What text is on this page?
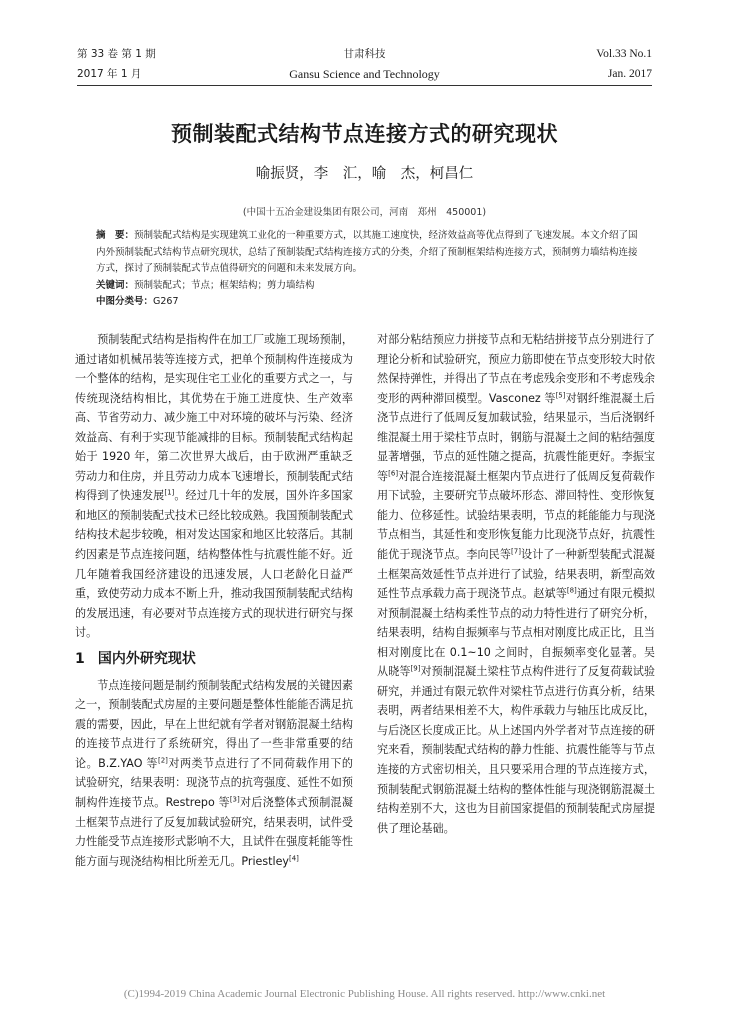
第 33 卷 第 1 期
2017 年 1 月
甘肃科技
Gansu Science and Technology
Vol.33 No.1
Jan. 2017
预制装配式结构节点连接方式的研究现状
喻振贤，李　汇，喻　杰，柯昌仁
(中国十五冶金建设集团有限公司，河南　郑州　450001)

摘　要：预制装配式结构是实现建筑工业化的一种重要方式，以其施工速度快，经济效益高等优点得到了飞速发展。本文介绍了国内外预制装配式结构节点研究现状，总结了预制装配式结构连接方式的分类，介绍了预制框架结构连接方式，预制剪力墙结构连接方式，探讨了预制装配式节点值得研究的问题和未来发展方向。

关键词：预制装配式；节点；框架结构；剪力墙结构

中图分类号：G267

预制装配式结构是指构件在加工厂或施工现场预制，通过诸如机械吊装等连接方式，把单个预制构件连接成为一个整体的结构，是实现住宅工业化的重要方式之一，与传统现浇结构相比，其优势在于施工进度快、生产效率高、节省劳动力、减少施工中对环境的破坏与污染、经济效益高、有利于实现节能减排的目标。预制装配式结构起始于 1920 年，第二次世界大战后，由于欧洲严重缺乏劳动力和住房，并且劳动力成本飞速增长，预制装配式结构得到了快速发展[1]。经过几十年的发展，国外许多国家和地区的预制装配式技术已经比较成熟。我国预制装配式结构技术起步较晚，相对发达国家和地区比较落后。其制约因素是节点连接问题，结构整体性与抗震性能不好。近几年随着我国经济建设的迅速发展，人口老龄化日益严重，致使劳动力成本不断上升，推动我国预制装配式结构的发展迅速，有必要对节点连接方式的现状进行研究与探讨。

1 国内外研究现状

节点连接问题是制约预制装配式结构发展的关键因素之一，预制装配式房屋的主要问题是整体性能能否满足抗震的需要，因此，早在上世纪就有学者对钢筋混凝土结构的连接节点进行了系统研究，得出了一些非常重要的结论。B.Z.YAO 等[2]对两类节点进行了不同荷载作用下的试验研究，结果表明：现浇节点的抗弯强度、延性不如预制构件连接节点。Restrepo 等[3]对后浇整体式预制混凝土框架节点进行了反复加载试验研究，结果表明，试件受力性能受节点连接形式影响不大，且试件在强度耗能等性能方面与现浇结构相比所差无几。Priestley[4]

对部分粘结预应力拼接节点和无粘结拼接节点分别进行了理论分析和试验研究，预应力筋即使在节点变形较大时依然保持弹性，并得出了节点在考虑残余变形和不考虑残余变形的两种滞回模型。Vasconez 等[5]对钢纤维混凝土后浇节点进行了低周反复加载试验，结果显示，当后浇钢纤维混凝土用于梁柱节点时，钢筋与混凝土之间的粘结强度显著增强，节点的延性随之提高，抗震性能更好。李振宝等[6]对混合连接混凝土框架内节点进行了低周反复荷载作用下试验，主要研究节点破坏形态、滞回特性、变形恢复能力、位移延性。试验结果表明，节点的耗能能力与现浇节点相当，其延性和变形恢复能力比现浇节点好，抗震性能优于现浇节点。李向民等[7]设计了一种新型装配式混凝土框架高效延性节点并进行了试验，结果表明，新型高效延性节点承载力高于现浇节点。赵斌等[8]通过有限元模拟对预制混凝土结构柔性节点的动力特性进行了研究分析，结果表明，结构自振频率与节点相对刚度比成正比，且当相对刚度比在 0.1~10 之间时，自振频率变化显著。吴从晓等[9]对预制混凝土梁柱节点构件进行了反复荷载试验研究，并通过有限元软件对梁柱节点进行仿真分析，结果表明，两者结果相差不大，构件承载力与轴压比成反比，与后浇区长度成正比。从上述国内外学者对节点连接的研究来看，预制装配式结构的静力性能、抗震性能等与节点连接的方式密切相关，且只要采用合理的节点连接方式，预制装配式钢筋混凝土结构的整体性能与现浇钢筋混凝土结构差别不大，这也为目前国家提倡的预制装配式房屋提供了理论基础。

(C)1994-2019 China Academic Journal Electronic Publishing House. All rights reserved. http://www.cnki.net
